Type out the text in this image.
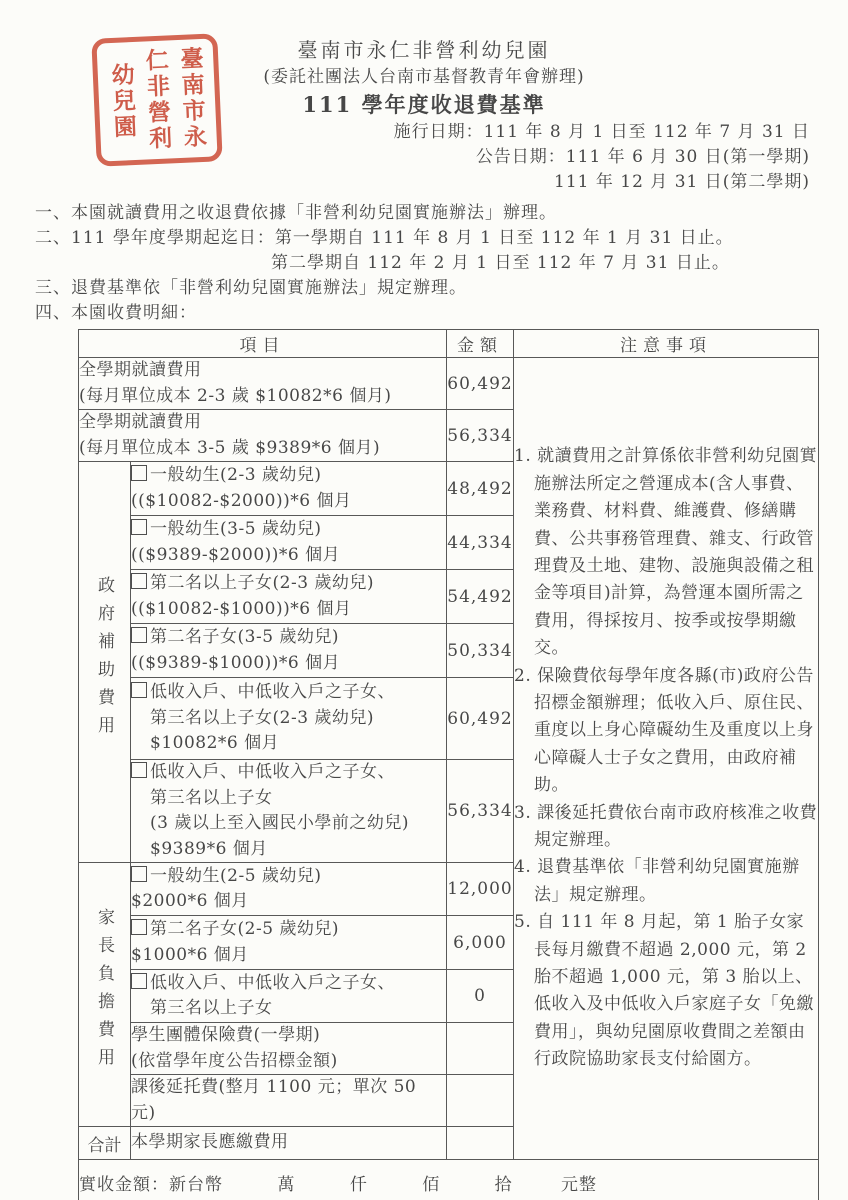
臺南市永
仁非營利
幼兒園
臺南市永仁非營利幼兒園
(委託社團法人台南市基督教青年會辦理)
111 學年度收退費基準
施行日期：111 年 8 月 1 日至 112 年 7 月 31 日
公告日期：111 年 6 月 30 日(第一學期)
111 年 12 月 31 日(第二學期)
一、本園就讀費用之收退費依據「非營利幼兒園實施辦法」辦理。
二、111 學年度學期起迄日：第一學期自 111 年 8 月 1 日至 112 年 1 月 31 日止。
第二學期自 112 年 2 月 1 日至 112 年 7 月 31 日止。
三、退費基準依「非營利幼兒園實施辦法」規定辦理。
四、本園收費明細：
項目		金額	注意事項

全學期就讀費用
(每月單位成本 2-3 歲 $10082*6 個月)
	60,492	
1. 就讀費用之計算係依非營利幼兒園實施辦法所定之營運成本(含人事費、業務費、材料費、維護費、修繕購費、公共事務管理費、雜支、行政管理費及土地、建物、設施與設備之租金等項目)計算，為營運本園所需之費用，得採按月、按季或按學期繳交。
2. 保險費依每學年度各縣(市)政府公告招標金額辦理；低收入戶、原住民、重度以上身心障礙幼生及重度以上身心障礙人士子女之費用，由政府補助。
3. 課後延托費依台南市政府核准之收費規定辦理。
4. 退費基準依「非營利幼兒園實施辦法」規定辦理。
5. 自 111 年 8 月起，第 1 胎子女家長每月繳費不超過 2,000 元，第 2 胎不超過 1,000 元，第 3 胎以上、低收入及中低收入戶家庭子女「免繳費用」，與幼兒園原收費間之差額由行政院協助家長支付給園方。

全學期就讀費用
(每月單位成本 3-5 歲 $9389*6 個月)		56,334	
政府補助費用	一般幼生(2-3 歲幼兒)
(($10082-$2000))*6 個月	48,492	

	一般幼生(3-5 歲幼兒)
(($9389-$2000))*6 個月	44,334	

	第二名以上子女(2-3 歲幼兒)
(($10082-$1000))*6 個月	54,492	

	第二名子女(3-5 歲幼兒)
(($9389-$1000))*6 個月	50,334	

	低收入戶、中低收入戶之子女、
第三名以上子女(2-3 歲幼兒)
$10082*6 個月	60,492	

	低收入戶、中低收入戶之子女、
第三名以上子女
(3 歲以上至入國民小學前之幼兒)
$9389*6 個月	56,334	
家長負擔費用	一般幼生(2-5 歲幼兒)
$2000*6 個月	12,000	

	第二名子女(2-5 歲幼兒)
$1000*6 個月	6,000	

	低收入戶、中低收入戶之子女、
第三名以上子女	0	

	學生團體保險費(一學期)
(依當學年度公告招標金額)		

	課後延托費(整月 1100 元；單次 50 元)		

合計	本學期家長應繳費用		

實收金額：新台幣 萬 仟 佰 拾 元整			
